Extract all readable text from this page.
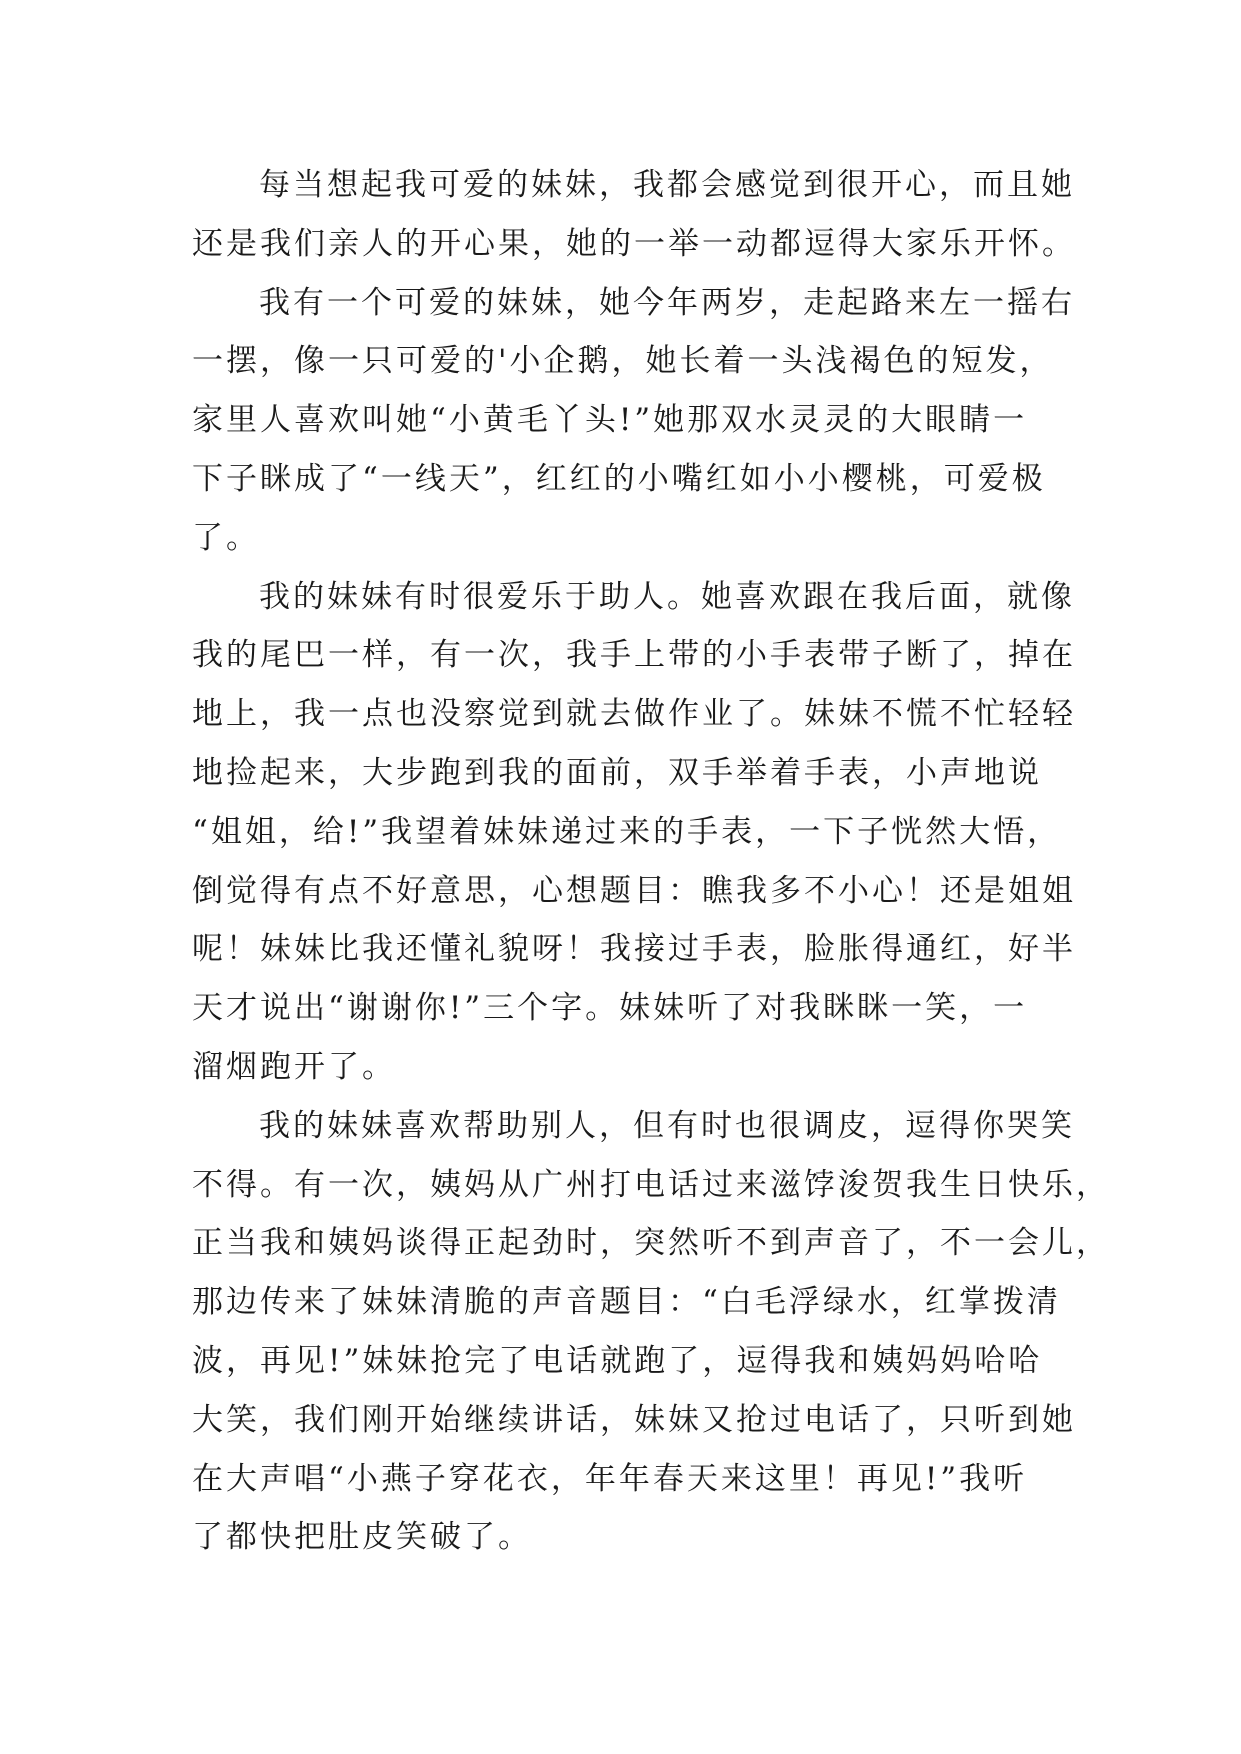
每当想起我可爱的妹妹，我都会感觉到很开心，而且她
还是我们亲人的开心果，她的一举一动都逗得大家乐开怀。
我有一个可爱的妹妹，她今年两岁，走起路来左一摇右
一摆，像一只可爱的'小企鹅，她长着一头浅褐色的短发，
家里人喜欢叫她“小黄毛丫头!”她那双水灵灵的大眼睛一
下子眯成了“一线天”，红红的小嘴红如小小樱桃，可爱极
了。
我的妹妹有时很爱乐于助人。她喜欢跟在我后面，就像
我的尾巴一样，有一次，我手上带的小手表带子断了，掉在
地上，我一点也没察觉到就去做作业了。妹妹不慌不忙轻轻
地捡起来，大步跑到我的面前，双手举着手表，小声地说
“姐姐，给!”我望着妹妹递过来的手表，一下子恍然大悟，
倒觉得有点不好意思，心想题目：瞧我多不小心！还是姐姐
呢！妹妹比我还懂礼貌呀！我接过手表，脸胀得通红，好半
天才说出“谢谢你!”三个字。妹妹听了对我眯眯一笑，一
溜烟跑开了。
我的妹妹喜欢帮助别人，但有时也很调皮，逗得你哭笑
不得。有一次，姨妈从广州打电话过来滋饽浚贺我生日快乐，
正当我和姨妈谈得正起劲时，突然听不到声音了，不一会儿，
那边传来了妹妹清脆的声音题目：“白毛浮绿水，红掌拨清
波，再见!”妹妹抢完了电话就跑了，逗得我和姨妈妈哈哈
大笑，我们刚开始继续讲话，妹妹又抢过电话了，只听到她
在大声唱“小燕子穿花衣，年年春天来这里！再见!”我听
了都快把肚皮笑破了。
